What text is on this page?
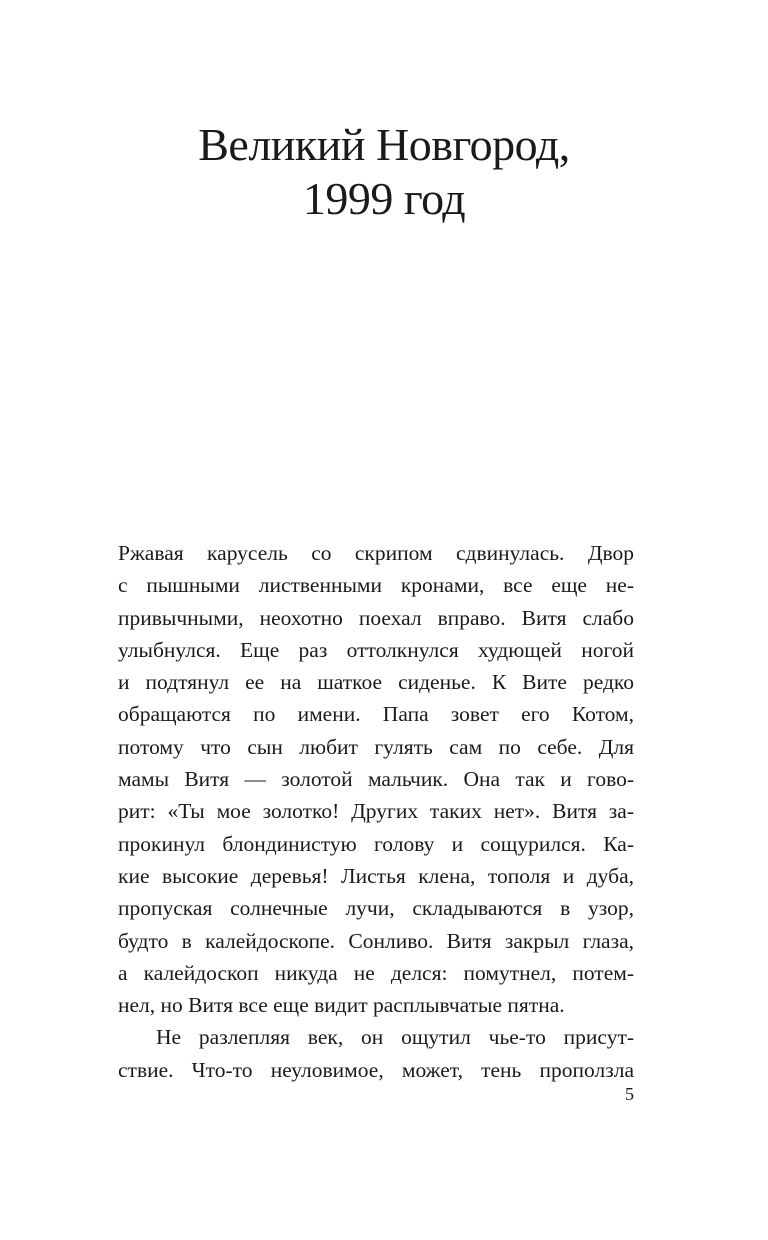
Великий Новгород,
1999 год
Ржавая карусель со скрипом сдвинулась. Двор
с пышными лиственными кронами, все еще не-
привычными, неохотно поехал вправо. Витя слабо
улыбнулся. Еще раз оттолкнулся худющей ногой
и подтянул ее на шаткое сиденье. К Вите редко
обращаются по имени. Папа зовет его Котом,
потому что сын любит гулять сам по себе. Для
мамы Витя — золотой мальчик. Она так и гово-
рит: «Ты мое золотко! Других таких нет». Витя за-
прокинул блондинистую голову и сощурился. Ка-
кие высокие деревья! Листья клена, тополя и дуба,
пропуская солнечные лучи, складываются в узор,
будто в калейдоскопе. Сонливо. Витя закрыл глаза,
а калейдоскоп никуда не делся: помутнел, потем-
нел, но Витя все еще видит расплывчатые пятна.
Не разлепляя век, он ощутил чье-то присут-
ствие. Что-то неуловимое, может, тень проползла
5
